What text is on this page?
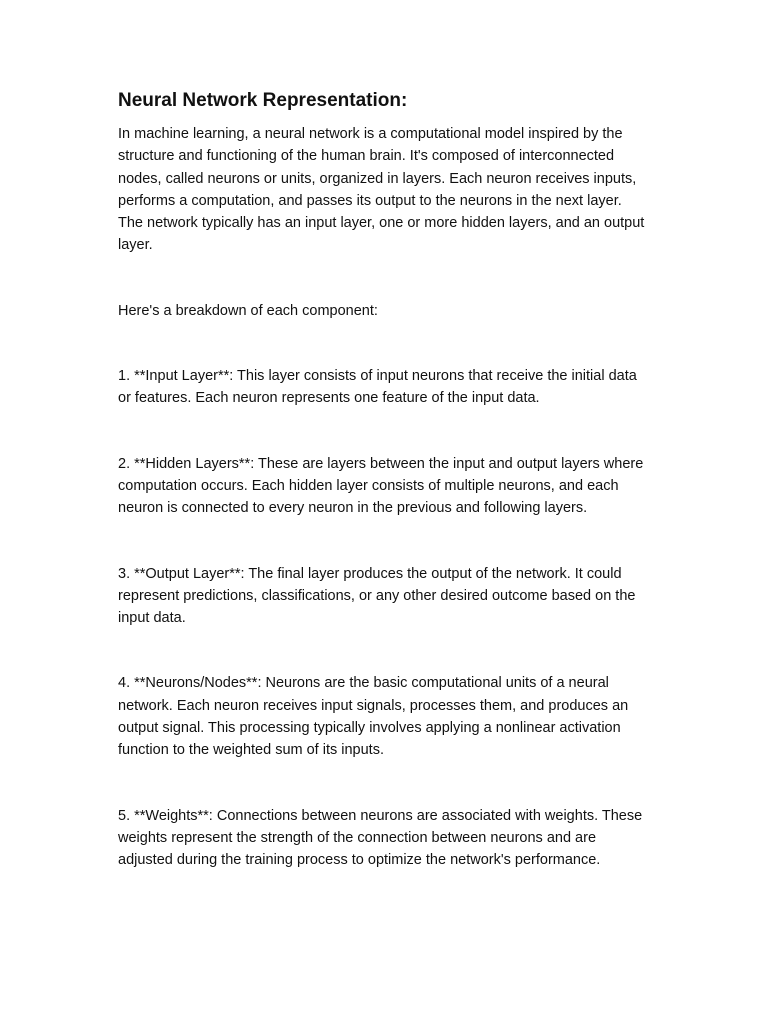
Neural Network Representation:

In machine learning, a neural network is a computational model inspired by the structure and functioning of the human brain. It's composed of interconnected nodes, called neurons or units, organized in layers. Each neuron receives inputs, performs a computation, and passes its output to the neurons in the next layer. The network typically has an input layer, one or more hidden layers, and an output layer.

Here's a breakdown of each component:

1. **Input Layer**: This layer consists of input neurons that receive the initial data or features. Each neuron represents one feature of the input data.

2. **Hidden Layers**: These are layers between the input and output layers where computation occurs. Each hidden layer consists of multiple neurons, and each neuron is connected to every neuron in the previous and following layers.

3. **Output Layer**: The final layer produces the output of the network. It could represent predictions, classifications, or any other desired outcome based on the input data.

4. **Neurons/Nodes**: Neurons are the basic computational units of a neural network. Each neuron receives input signals, processes them, and produces an output signal. This processing typically involves applying a nonlinear activation function to the weighted sum of its inputs.

5. **Weights**: Connections between neurons are associated with weights. These weights represent the strength of the connection between neurons and are adjusted during the training process to optimize the network's performance.
